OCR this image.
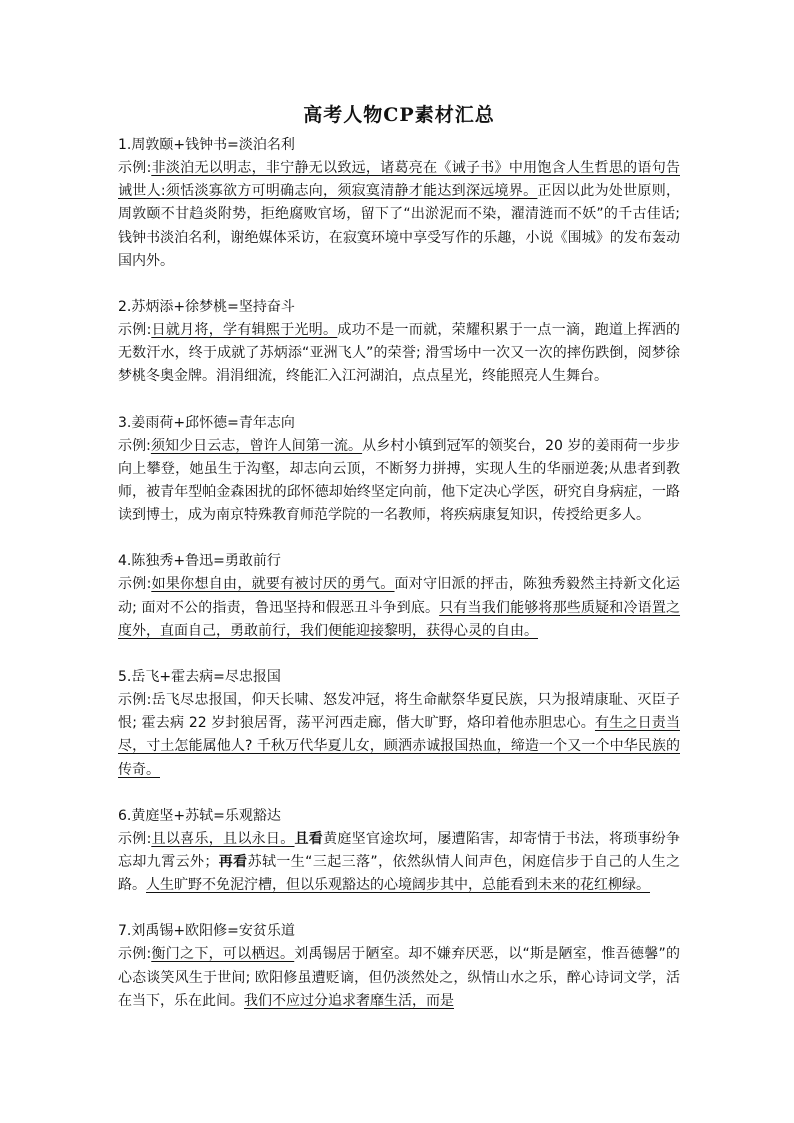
高考人物CP素材汇总

1.周敦颐+钱钟书=淡泊名利

示例:非淡泊无以明志，非宁静无以致远，诸葛亮在《诫子书》中用饱含人生哲思的语句告诫世人:须恬淡寡欲方可明确志向，须寂寞清静才能达到深远境界。正因以此为处世原则，周敦颐不甘趋炎附势，拒绝腐败官场，留下了“出淤泥而不染，濯清涟而不妖”的千古佳话; 钱钟书淡泊名利，谢绝媒体采访，在寂寞环境中享受写作的乐趣，小说《围城》的发布轰动国内外。

2.苏炳添+徐梦桃=坚持奋斗

示例:日就月将，学有辑熙于光明。成功不是一而就，荣耀积累于一点一滴，跑道上挥洒的无数汗水，终于成就了苏炳添“亚洲飞人”的荣誉; 滑雪场中一次又一次的摔伤跌倒，阅梦徐梦桃冬奥金牌。涓涓细流，终能汇入江河湖泊，点点星光，终能照亮人生舞台。

3.姜雨荷+邱怀德=青年志向

示例:须知少日云志，曾许人间第一流。从乡村小镇到冠军的领奖台，20 岁的姜雨荷一步步向上攀登，她虽生于沟壑，却志向云顶，不断努力拼搏，实现人生的华丽逆袭;从患者到教师，被青年型帕金森困扰的邱怀德却始终坚定向前，他下定决心学医，研究自身病症，一路读到博士，成为南京特殊教育师范学院的一名教师，将疾病康复知识，传授给更多人。

4.陈独秀+鲁迅=勇敢前行

示例:如果你想自由，就要有被讨厌的勇气。面对守旧派的抨击，陈独秀毅然主持新文化运动; 面对不公的指责，鲁迅坚持和假恶丑斗争到底。只有当我们能够将那些质疑和冷语置之度外，直面自己，勇敢前行，我们便能迎接黎明，获得心灵的自由。

5.岳飞+霍去病=尽忠报国

示例:岳飞尽忠报国，仰天长啸、怒发冲冠，将生命献祭华夏民族，只为报靖康耻、灭臣子恨; 霍去病 22 岁封狼居胥，荡平河西走廊，偕大旷野，烙印着他赤胆忠心。有生之日责当尽，寸土怎能属他人? 千秋万代华夏儿女，顾洒赤诚报国热血，缔造一个又一个中华民族的传奇。

6.黄庭坚+苏轼=乐观豁达

示例:且以喜乐，且以永日。且看黄庭坚官途坎坷，屡遭陷害，却寄情于书法，将琐事纷争忘却九霄云外；再看苏轼一生“三起三落”，依然纵情人间声色，闲庭信步于自己的人生之路。人生旷野不免泥泞槽，但以乐观豁达的心境阔步其中，总能看到未来的花红柳绿。

7.刘禹锡+欧阳修=安贫乐道

示例:衡门之下，可以栖迟。刘禹锡居于陋室。却不嫌弃厌恶，以“斯是陋室，惟吾德馨”的心态谈笑风生于世间; 欧阳修虽遭贬谪，但仍淡然处之，纵情山水之乐，醉心诗词文学，活在当下，乐在此间。我们不应过分追求奢靡生活，而是
